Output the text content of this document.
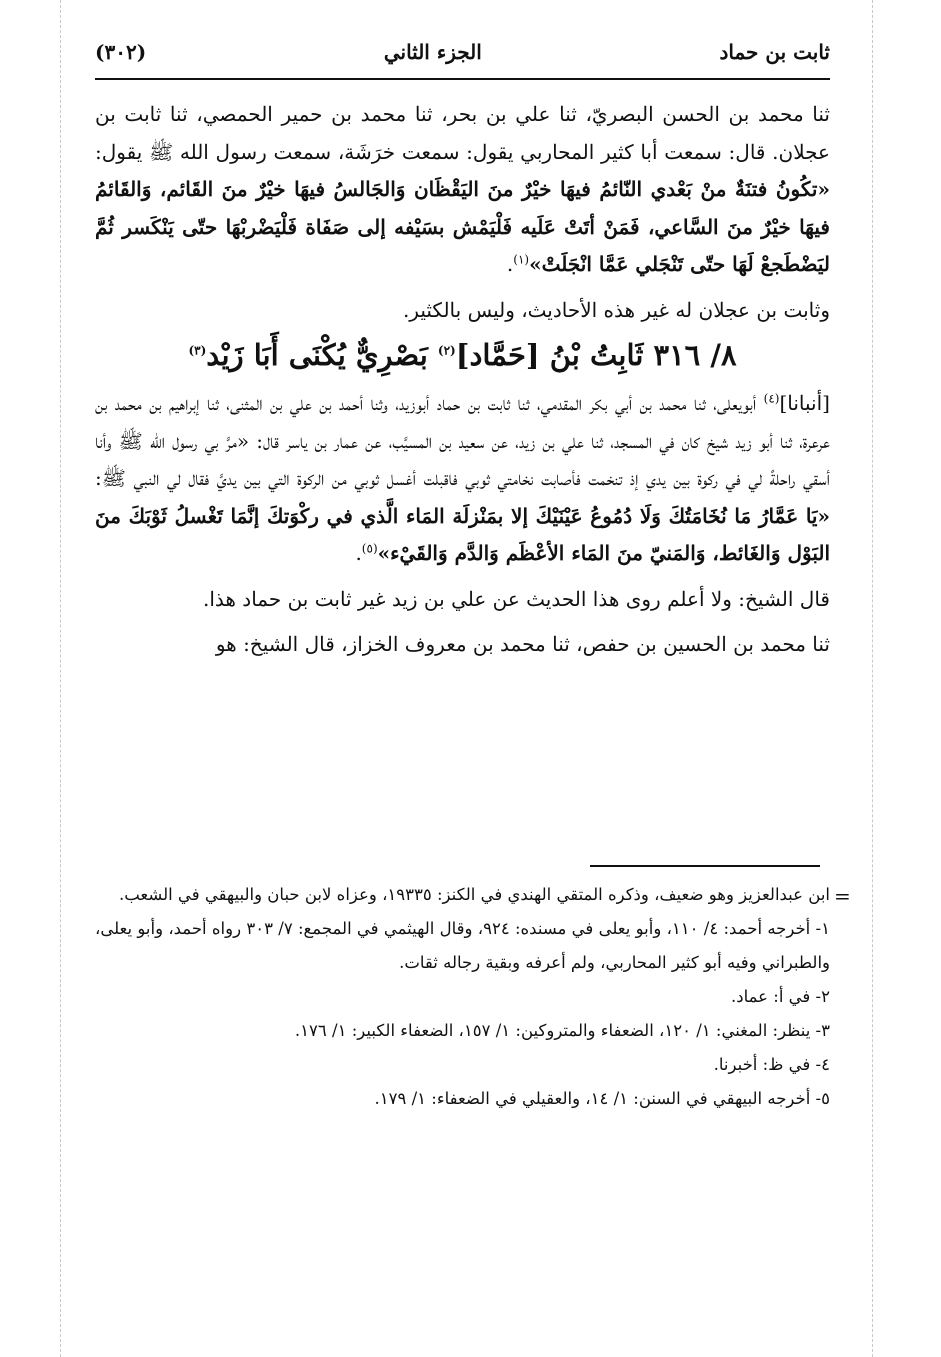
ثابت بن حماد
الجزء الثاني
(٣٠٢)

ثنا محمد بن الحسن البصريّ، ثنا علي بن بحر، ثنا محمد بن حمير الحمصي، ثنا ثابت بن عجلان. قال: سمعت أبا كثير المحاربي يقول: سمعت خرَشَة، سمعت رسول الله ﷺ يقول: «تكُونُ فتنَةٌ منْ بَعْدي النّائمُ فيهَا خيْرٌ منَ اليَقْظَان وَالجَالسُ فيهَا خيْرٌ منَ القَائم، وَالقَائمُ فيهَا خيْرٌ منَ السَّاعي، فَمَنْ أتَتْ عَلَيه فَلْيَمْش بسَيْفه إلى صَفَاة فَلْيَضْربْهَا حتّى يَنْكَسر ثُمَّ ليَضْطَجعْ لَهَا حتّى تَنْجَلي عَمَّا انْجَلَتْ»$^{(١)}$.

وثابت بن عجلان له غير هذه الأحاديث، وليس بالكثير.

٨/ ٣١٦ ثَابِتُ بْنُ [حَمَّاد]$^{(٢)}$ بَصْرِيٌّ يُكْنَى أَبَا زَيْد$^{(٣)}$

[أنبانا]$^{(٤)}$ أبويعلى، ثنا محمد بن أبي بكر المقدمي، ثنا ثابت بن حماد أبوزيد، وثنا أحمد بن علي بن المثنى، ثنا إبراهيم بن محمد بن عرعرة، ثنا أبو زيد شيخ كان في المسجد، ثنا علي بن زيد، عن سعيد بن المسيَّب، عن عمار بن ياسر قال: «مرَّ بي رسول الله ﷺ وأنا أسقي راحلةً لي في ركوة بين يدي إذ تنخمت فأصابت نخامتي ثوبي فاقبلت أغسل ثوبي من الركوة التي بين يديَّ فقال لي النبي ﷺ: «يَا عَمَّارُ مَا نُخَامَتُكَ وَلَا دُمُوعُ عَيْنَيْكَ إلا بمَنْزلَة المَاء الَّذي في ركْوَتكَ إنَّمَا تَغْسلُ ثَوْبَكَ منَ البَوْل وَالغَائط، وَالمَنيّ منَ المَاء الأعْظَم وَالدَّم وَالقَيْء»$^{(٥)}$.

قال الشيخ: ولا أعلم روى هذا الحديث عن علي بن زيد غير ثابت بن حماد هذا.

ثنا محمد بن الحسين بن حفص، ثنا محمد بن معروف الخزاز، قال الشيخ: هو

=

ابن عبدالعزيز وهو ضعيف، وذكره المتقي الهندي في الكنز: ١٩٣٣٥، وعزاه لابن حبان والبيهقي في الشعب.

١- أخرجه أحمد: ٤/ ١١٠، وأبو يعلى في مسنده: ٩٢٤، وقال الهيثمي في المجمع: ٧/ ٣٠٣ رواه أحمد، وأبو يعلى، والطبراني وفيه أبو كثير المحاربي، ولم أعرفه وبقية رجاله ثقات.

٢- في أ: عماد.

٣- ينظر: المغني: ١/ ١٢٠، الضعفاء والمتروكين: ١/ ١٥٧، الضعفاء الكبير: ١/ ١٧٦.

٤- في ظ: أخبرنا.

٥- أخرجه البيهقي في السنن: ١/ ١٤، والعقيلي في الضعفاء: ١/ ١٧٩.
